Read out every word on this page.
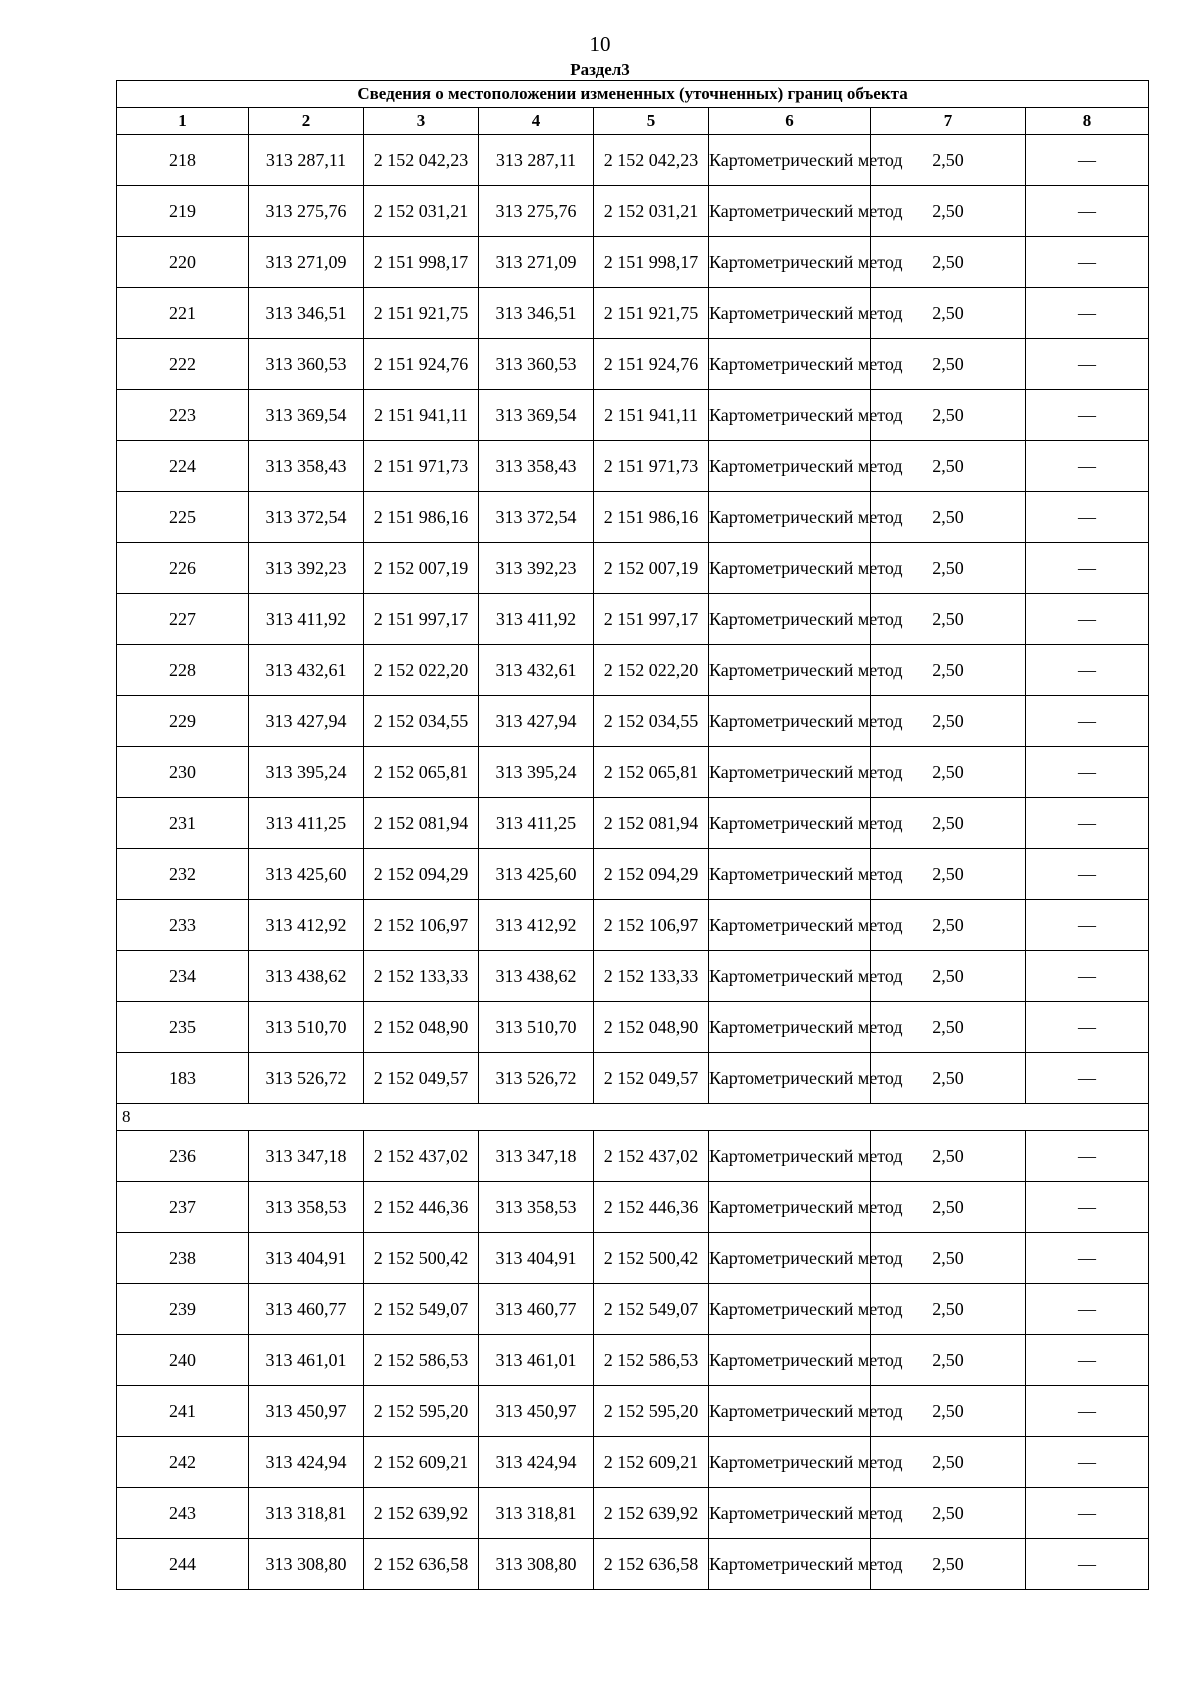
10
Раздел3
Сведения о местоположении измененных (уточненных) границ объекта							
1	2	3	4	5	6	7	8
218	313 287,11	2 152 042,23	313 287,11	2 152 042,23	Картометрический метод	2,50	—
219	313 275,76	2 152 031,21	313 275,76	2 152 031,21	Картометрический метод	2,50	—
220	313 271,09	2 151 998,17	313 271,09	2 151 998,17	Картометрический метод	2,50	—
221	313 346,51	2 151 921,75	313 346,51	2 151 921,75	Картометрический метод	2,50	—
222	313 360,53	2 151 924,76	313 360,53	2 151 924,76	Картометрический метод	2,50	—
223	313 369,54	2 151 941,11	313 369,54	2 151 941,11	Картометрический метод	2,50	—
224	313 358,43	2 151 971,73	313 358,43	2 151 971,73	Картометрический метод	2,50	—
225	313 372,54	2 151 986,16	313 372,54	2 151 986,16	Картометрический метод	2,50	—
226	313 392,23	2 152 007,19	313 392,23	2 152 007,19	Картометрический метод	2,50	—
227	313 411,92	2 151 997,17	313 411,92	2 151 997,17	Картометрический метод	2,50	—
228	313 432,61	2 152 022,20	313 432,61	2 152 022,20	Картометрический метод	2,50	—
229	313 427,94	2 152 034,55	313 427,94	2 152 034,55	Картометрический метод	2,50	—
230	313 395,24	2 152 065,81	313 395,24	2 152 065,81	Картометрический метод	2,50	—
231	313 411,25	2 152 081,94	313 411,25	2 152 081,94	Картометрический метод	2,50	—
232	313 425,60	2 152 094,29	313 425,60	2 152 094,29	Картометрический метод	2,50	—
233	313 412,92	2 152 106,97	313 412,92	2 152 106,97	Картометрический метод	2,50	—
234	313 438,62	2 152 133,33	313 438,62	2 152 133,33	Картометрический метод	2,50	—
235	313 510,70	2 152 048,90	313 510,70	2 152 048,90	Картометрический метод	2,50	—
183	313 526,72	2 152 049,57	313 526,72	2 152 049,57	Картометрический метод	2,50	—
8							
236	313 347,18	2 152 437,02	313 347,18	2 152 437,02	Картометрический метод	2,50	—
237	313 358,53	2 152 446,36	313 358,53	2 152 446,36	Картометрический метод	2,50	—
238	313 404,91	2 152 500,42	313 404,91	2 152 500,42	Картометрический метод	2,50	—
239	313 460,77	2 152 549,07	313 460,77	2 152 549,07	Картометрический метод	2,50	—
240	313 461,01	2 152 586,53	313 461,01	2 152 586,53	Картометрический метод	2,50	—
241	313 450,97	2 152 595,20	313 450,97	2 152 595,20	Картометрический метод	2,50	—
242	313 424,94	2 152 609,21	313 424,94	2 152 609,21	Картометрический метод	2,50	—
243	313 318,81	2 152 639,92	313 318,81	2 152 639,92	Картометрический метод	2,50	—
244	313 308,80	2 152 636,58	313 308,80	2 152 636,58	Картометрический метод	2,50	—
